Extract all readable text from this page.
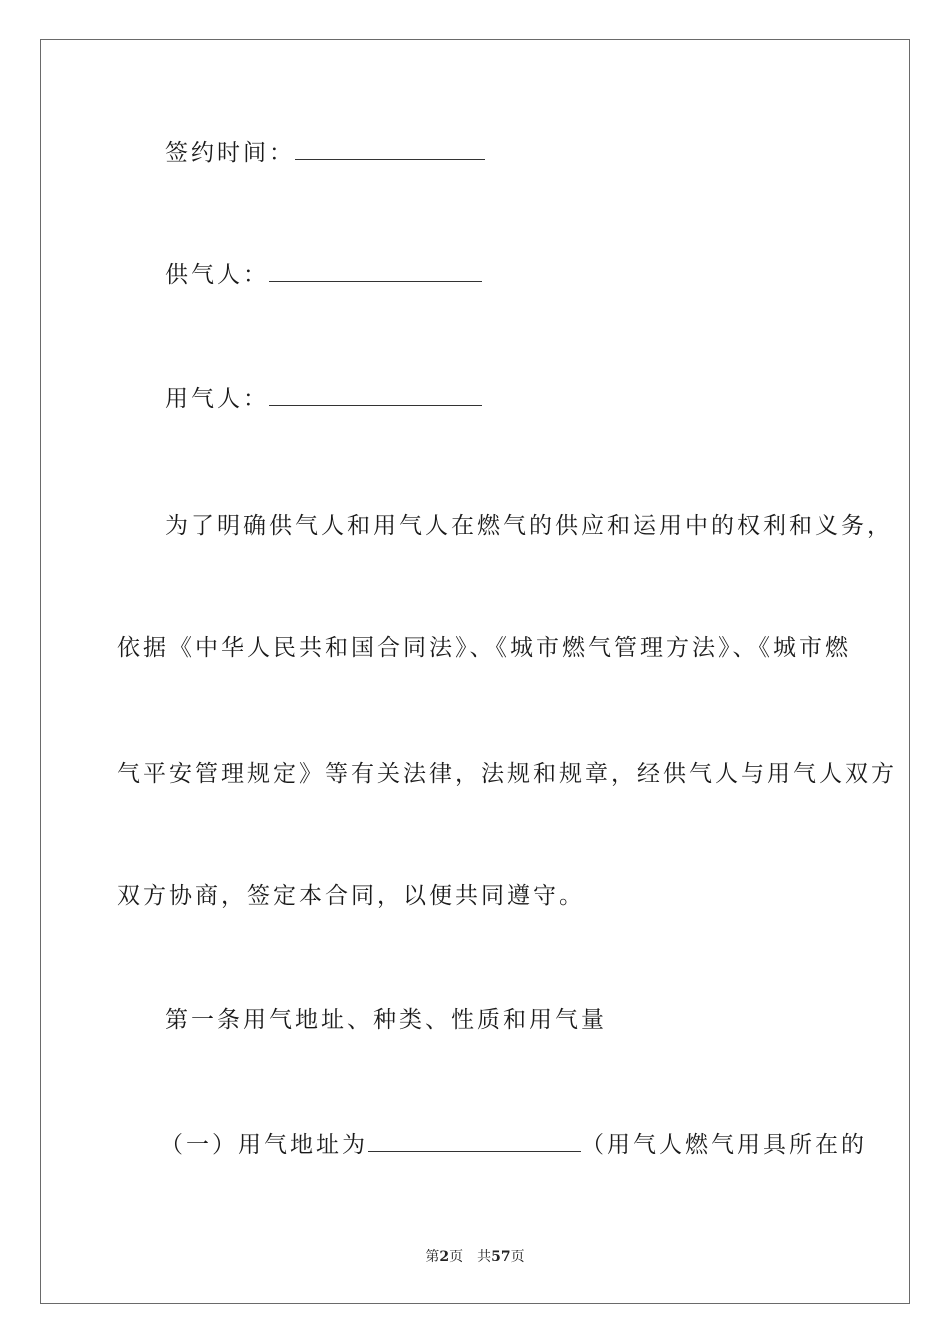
签约时间：
供气人：
用气人：
为了明确供气人和用气人在燃气的供应和运用中的权利和义务，
依据《中华人民共和国合同法》、《城市燃气管理方法》、《城市燃
气平安管理规定》等有关法律，法规和规章，经供气人与用气人双方
双方协商，签定本合同，以便共同遵守。
第一条用气地址、种类、性质和用气量
（一）用气地址为	（用气人燃气用具所在的
第2页　共57页
